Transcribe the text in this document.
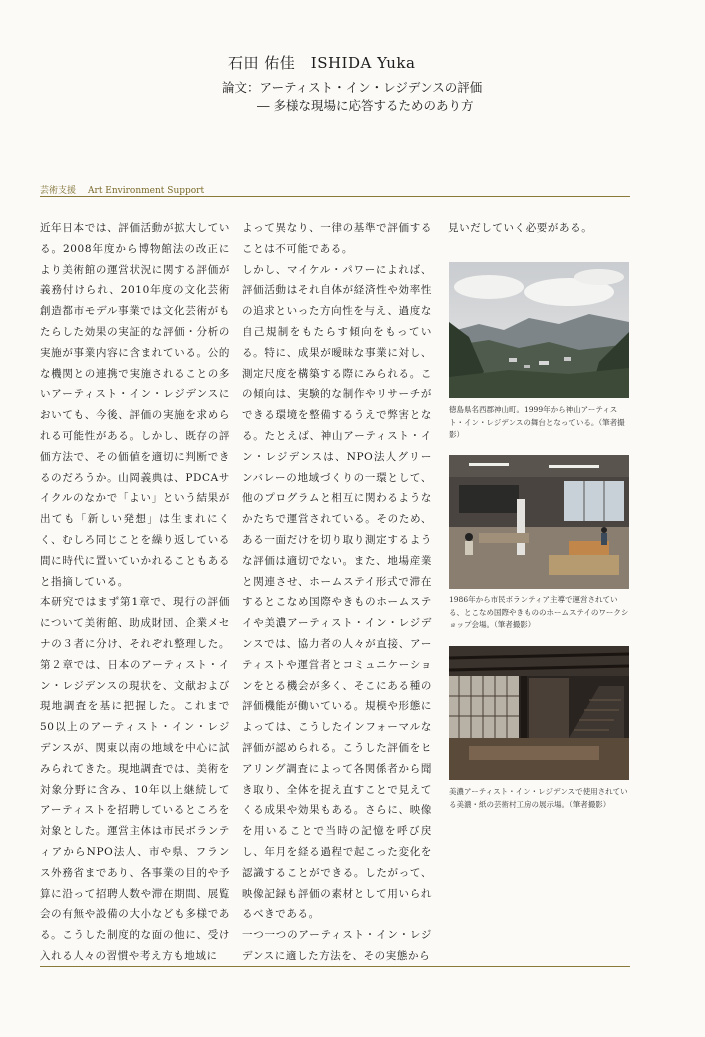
石田 佑佳　ISHIDA Yuka
論文：アーティスト・イン・レジデンスの評価
― 多様な現場に応答するためのあり方
芸術支援 Art Environment Support
近年日本では、評価活動が拡大している。2008年度から博物館法の改正により美術館の運営状況に関する評価が義務付けられ、2010年度の文化芸術創造都市モデル事業では文化芸術がもたらした効果の実証的な評価・分析の実施が事業内容に含まれている。公的な機関との連携で実施されることの多いアーティスト・イン・レジデンスにおいても、今後、評価の実施を求められる可能性がある。しかし、既存の評価方法で、その価値を適切に判断できるのだろうか。山岡義典は、PDCAサイクルのなかで「よい」という結果が出ても「新しい発想」は生まれにくく、むしろ同じことを繰り返している間に時代に置いていかれることもあると指摘している。
本研究ではまず第1章で、現行の評価について美術館、助成財団、企業メセナの３者に分け、それぞれ整理した。第２章では、日本のアーティスト・イン・レジデンスの現状を、文献および現地調査を基に把握した。これまで50以上のアーティスト・イン・レジデンスが、関東以南の地域を中心に試みられてきた。現地調査では、美術を対象分野に含み、10年以上継続してアーティストを招聘しているところを対象とした。運営主体は市民ボランティアからNPO法人、市や県、フランス外務省まであり、各事業の目的や予算に沿って招聘人数や滞在期間、展覧会の有無や設備の大小なども多様である。こうした制度的な面の他に、受け入れる人々の習慣や考え方も地域に
よって異なり、一律の基準で評価することは不可能である。
しかし、マイケル・パワーによれば、評価活動はそれ自体が経済性や効率性の追求といった方向性を与え、過度な自己規制をもたらす傾向をもっている。特に、成果が曖昧な事業に対し、測定尺度を構築する際にみられる。この傾向は、実験的な制作やリサーチができる環境を整備するうえで弊害となる。たとえば、神山アーティスト・イン・レジデンスは、NPO法人グリーンバレーの地域づくりの一環として、他のプログラムと相互に関わるようなかたちで運営されている。そのため、ある一面だけを切り取り測定するような評価は適切でない。また、地場産業と関連させ、ホームステイ形式で滞在するとこなめ国際やきものホームステイや美濃アーティスト・イン・レジデンスでは、協力者の人々が直接、アーティストや運営者とコミュニケーションをとる機会が多く、そこにある種の評価機能が働いている。規模や形態によっては、こうしたインフォーマルな評価が認められる。こうした評価をヒアリング調査によって各関係者から聞き取り、全体を捉え直すことで見えてくる成果や効果もある。さらに、映像を用いることで当時の記憶を呼び戻し、年月を経る過程で起こった変化を認識することができる。したがって、映像記録も評価の素材として用いられるべきである。
一つ一つのアーティスト・イン・レジデンスに適した方法を、その実態から
見いだしていく必要がある。
徳島県名西郡神山町。1999年から神山アーティスト・イン・レジデンスの舞台となっている。（筆者撮影）
1986年から市民ボランティア主導で運営されている、とこなめ国際やきもののホームステイのワークショップ会場。（筆者撮影）
美濃アーティスト・イン・レジデンスで使用されている美濃・紙の芸術村工房の展示場。（筆者撮影）
